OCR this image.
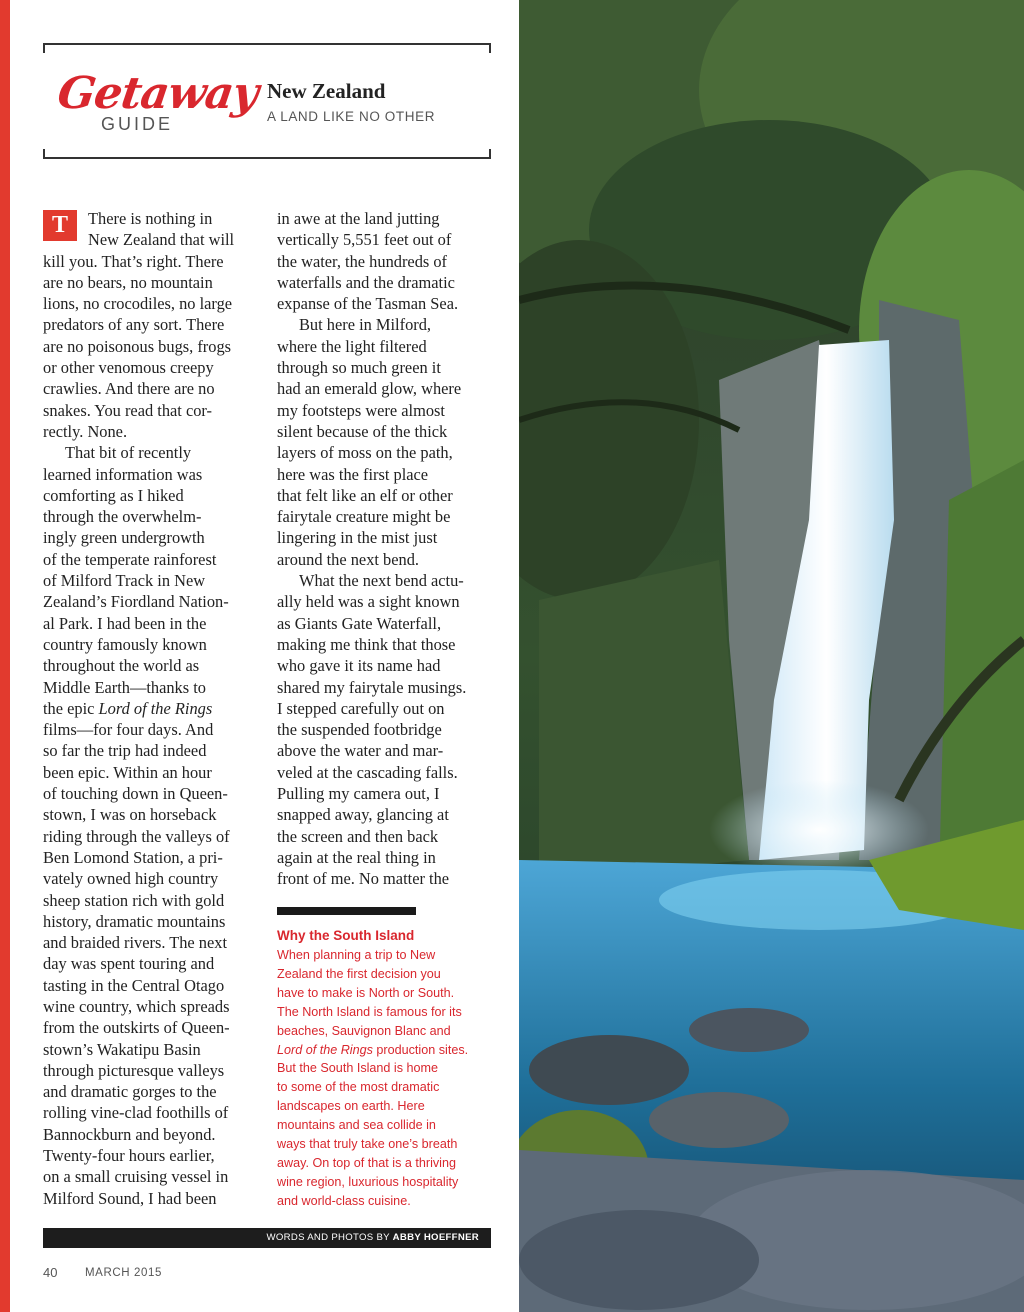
Getaway
GUIDE
New Zealand
A LAND LIKE NO OTHER
T	There is nothing in
New Zealand that will
kill you. That’s right. There
are no bears, no mountain
lions, no crocodiles, no large
predators of any sort. There
are no poisonous bugs, frogs
or other venomous creepy
crawlies. And there are no
snakes. You read that cor-
rectly. None.
That bit of recently
learned information was
comforting as I hiked
through the overwhelm-
ingly green undergrowth
of the temperate rainforest
of Milford Track in New
Zealand’s Fiordland Nation-
al Park. I had been in the
country famously known
throughout the world as
Middle Earth—thanks to
the epic Lord of the Rings
films—for four days. And
so far the trip had indeed
been epic. Within an hour
of touching down in Queen-
stown, I was on horseback
riding through the valleys of
Ben Lomond Station, a pri-
vately owned high country
sheep station rich with gold
history, dramatic mountains
and braided rivers. The next
day was spent touring and
tasting in the Central Otago
wine country, which spreads
from the outskirts of Queen-
stown’s Wakatipu Basin
through picturesque valleys
and dramatic gorges to the
rolling vine-clad foothills of
Bannockburn and beyond.
Twenty-four hours earlier,
on a small cruising vessel in
Milford Sound, I had been
in awe at the land jutting
vertically 5,551 feet out of
the water, the hundreds of
waterfalls and the dramatic
expanse of the Tasman Sea.
But here in Milford,
where the light filtered
through so much green it
had an emerald glow, where
my footsteps were almost
silent because of the thick
layers of moss on the path,
here was the first place
that felt like an elf or other
fairytale creature might be
lingering in the mist just
around the next bend.
What the next bend actu-
ally held was a sight known
as Giants Gate Waterfall,
making me think that those
who gave it its name had
shared my fairytale musings.
I stepped carefully out on
the suspended footbridge
above the water and mar-
veled at the cascading falls.
Pulling my camera out, I
snapped away, glancing at
the screen and then back
again at the real thing in
front of me. No matter the
Why the South Island
When planning a trip to New
Zealand the first decision you
have to make is North or South.
The North Island is famous for its
beaches, Sauvignon Blanc and
Lord of the Rings production sites.
But the South Island is home
to some of the most dramatic
landscapes on earth. Here
mountains and sea collide in
ways that truly take one’s breath
away. On top of that is a thriving
wine region, luxurious hospitality
and world-class cuisine.
WORDS AND PHOTOS BY ABBY HOEFFNER
40 MARCH 2015
